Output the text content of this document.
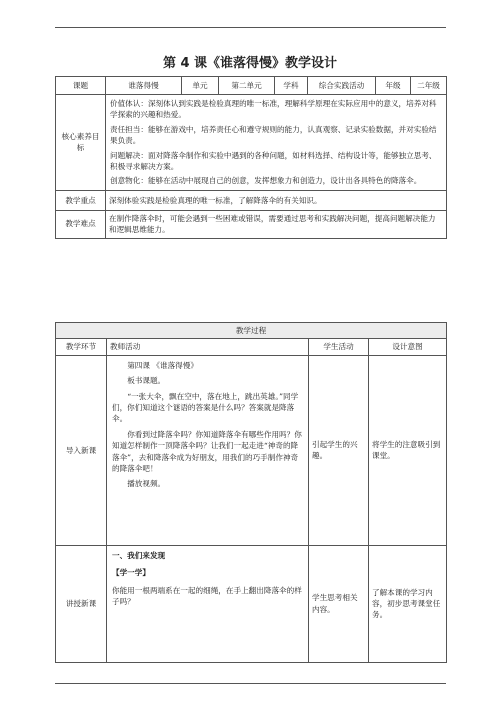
第 4 课《谁落得慢》教学设计
课题	谁落得慢	单元	第二单元	学科	综合实践活动	年级	二年级
核心素养目标	价值体认：深刻体认到实践是检验真理的唯一标准，理解科学原理在实际应用中的意义，培养对科学探索的兴趣和热爱。

责任担当：能够在游戏中，培养责任心和遵守规则的能力，认真观察、记录实验数据，并对实验结果负责。

问题解决：面对降落伞制作和实验中遇到的各种问题，如材料选择、结构设计等，能够独立思考、积极寻求解决方案。

创意物化：能够在活动中展现自己的创意，发挥想象力和创造力，设计出各具特色的降落伞。						

教学重点	深刻体验实践是检验真理的唯一标准，了解降落伞的有关知识。						
教学难点	在制作降落伞时，可能会遇到一些困难或错误，需要通过思考和实践解决问题，提高问题解决能力和逻辑思维能力。						
教学过程			
教学环节	教师活动	学生活动	设计意图
导入新课	第四课 《谁落得慢》

板书课题。

“一张大伞，飘在空中，落在地上，跳出英雄。”同学们，你们知道这个谜语的答案是什么吗？答案就是降落伞。

你看到过降落伞吗？你知道降落伞有哪些作用吗？你知道怎样制作一顶降落伞吗？让我们一起走进“神奇的降落伞”，去和降落伞成为好朋友，用我们的巧手制作神奇的降落伞吧！

播放视频。	引起学生的兴趣。	将学生的注意吸引到课堂。
讲授新课	一、我们来发现

【学一学】

你能用一根两端系在一起的细绳，在手上翻出降落伞的样子吗？	学生思考相关内容。	了解本课的学习内容，初步思考课堂任务。
